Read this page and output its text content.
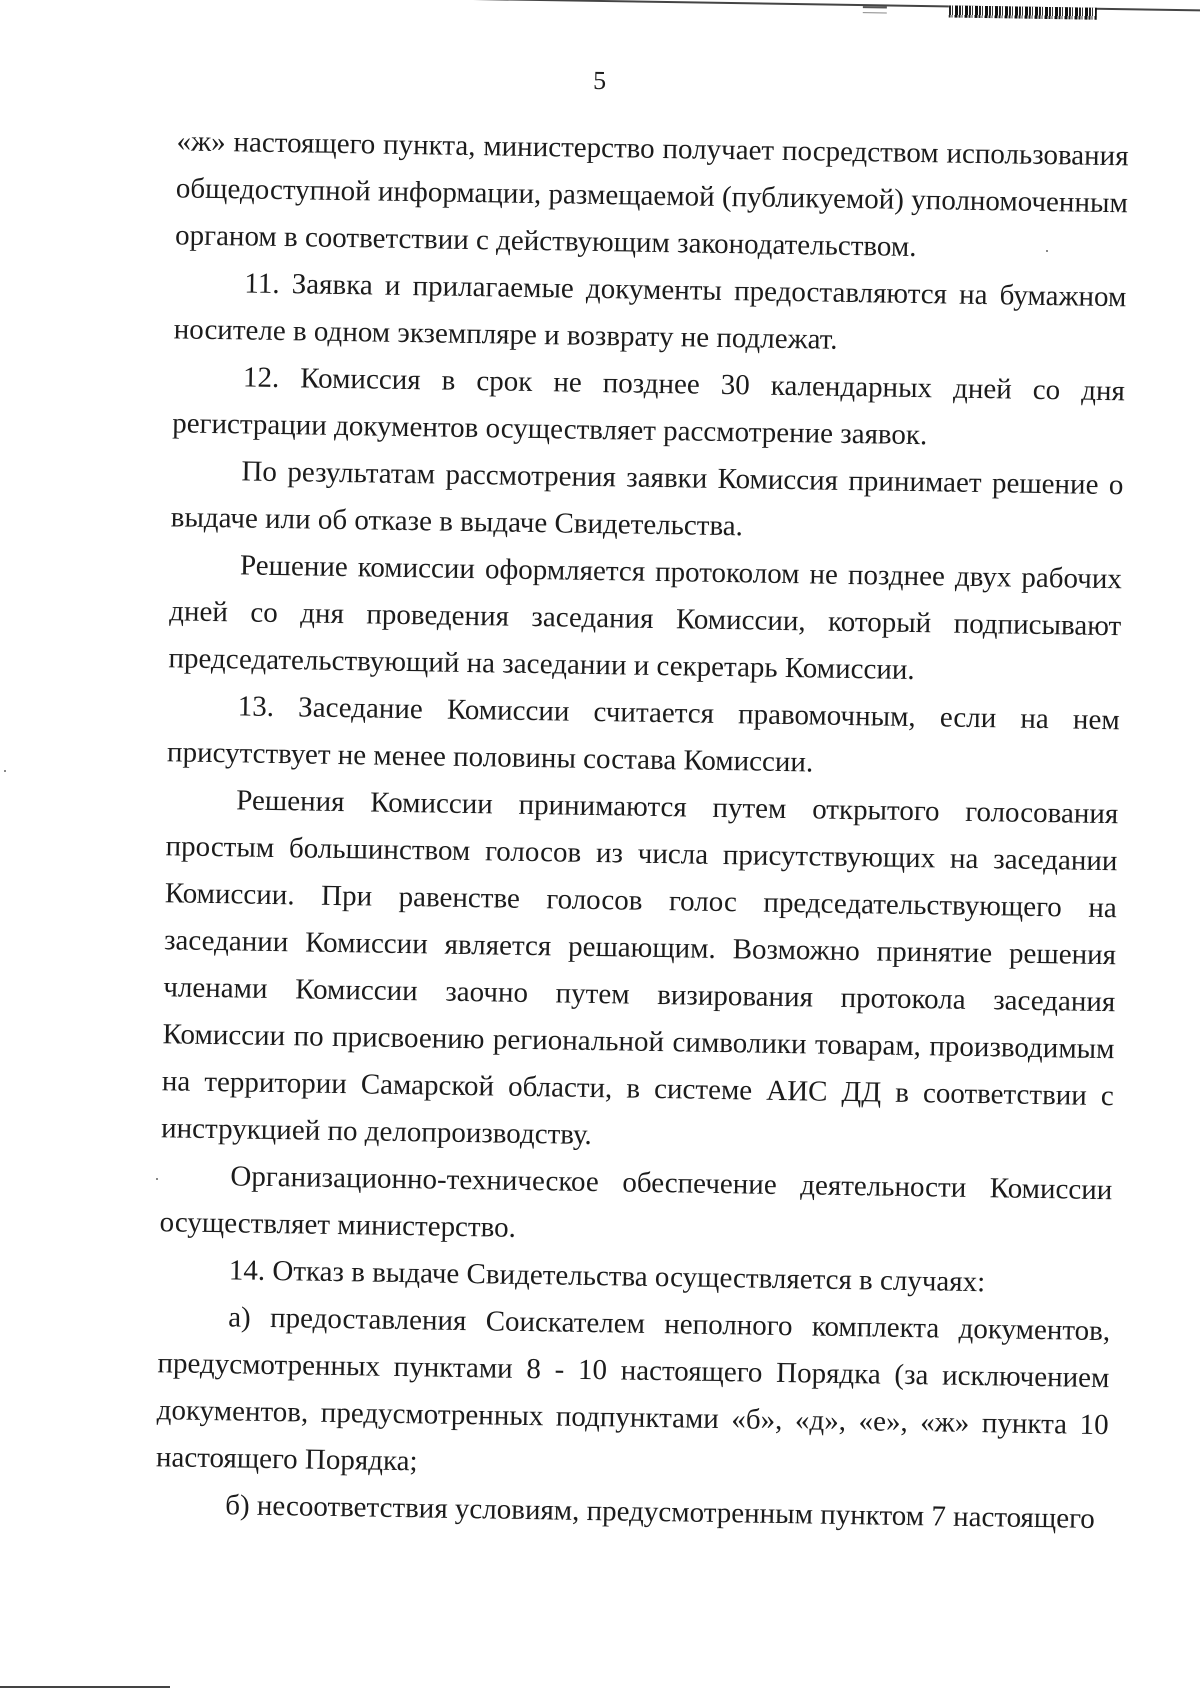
5

«ж» настоящего пункта, министерство получает посредством использования общедоступной информации, размещаемой (публикуемой) уполномоченным органом в соответствии с действующим законодательством.

11. Заявка и прилагаемые документы предоставляются на бумажном носителе в одном экземпляре и возврату не подлежат.

12. Комиссия в срок не позднее 30 календарных дней со дня регистрации документов осуществляет рассмотрение заявок.

По результатам рассмотрения заявки Комиссия принимает решение о выдаче или об отказе в выдаче Свидетельства.

Решение комиссии оформляется протоколом не позднее двух рабочих дней со дня проведения заседания Комиссии, который подписывают председательствующий на заседании и секретарь Комиссии.

13. Заседание Комиссии считается правомочным, если на нем присутствует не менее половины состава Комиссии.

Решения Комиссии принимаются путем открытого голосования простым большинством голосов из числа присутствующих на заседании Комиссии. При равенстве голосов голос председательствующего на заседании Комиссии является решающим. Возможно принятие решения членами Комиссии заочно путем визирования протокола заседания Комиссии по присвоению региональной символики товарам, производимым на территории Самарской области, в системе АИС ДД в соответствии с инструкцией по делопроизводству.

Организационно-техническое обеспечение деятельности Комиссии осуществляет министерство.

14. Отказ в выдаче Свидетельства осуществляется в случаях:

а) предоставления Соискателем неполного комплекта документов, предусмотренных пунктами 8 - 10 настоящего Порядка (за исключением документов, предусмотренных подпунктами «б», «д», «е», «ж» пункта 10 настоящего Порядка;

б) несоответствия условиям, предусмотренным пунктом 7 настоящего
